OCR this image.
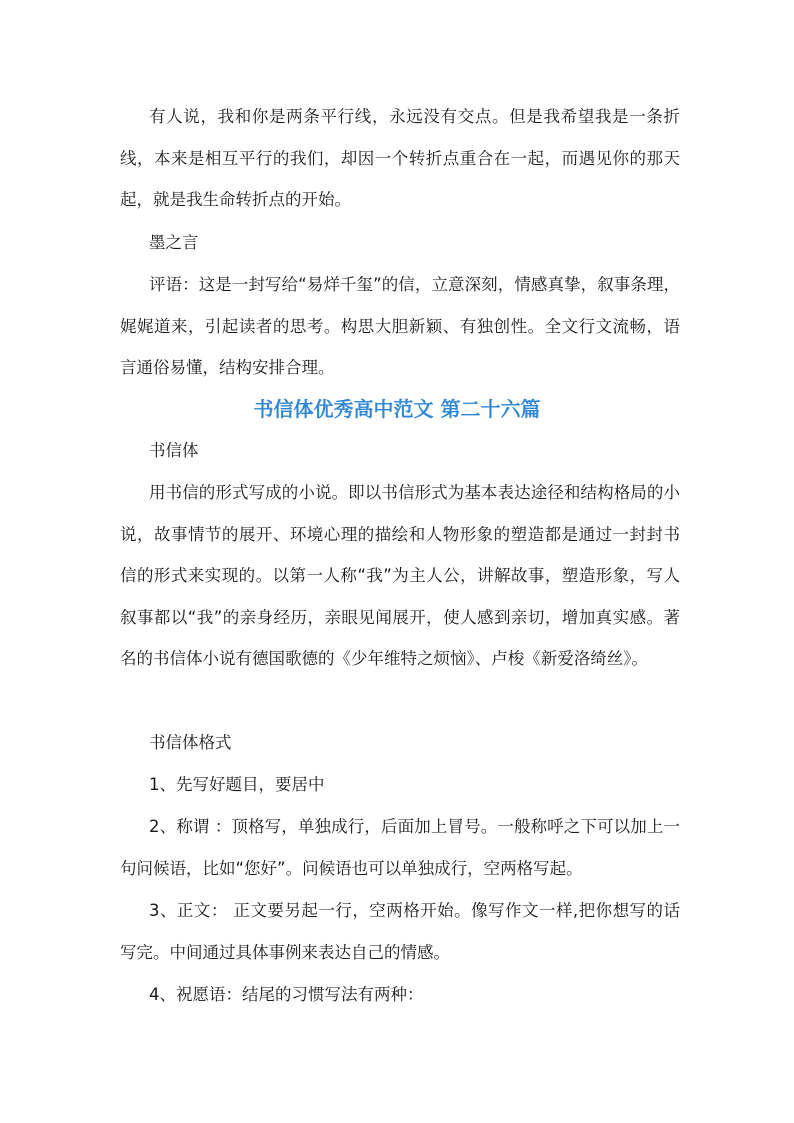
有人说，我和你是两条平行线，永远没有交点。但是我希望我是一条折线，本来是相互平行的我们，却因一个转折点重合在一起，而遇见你的那天起，就是我生命转折点的开始。

墨之言

评语：这是一封写给“易烊千玺”的信，立意深刻，情感真挚，叙事条理，娓娓道来，引起读者的思考。构思大胆新颖、有独创性。全文行文流畅，语言通俗易懂，结构安排合理。

书信体优秀高中范文 第二十六篇

书信体

用书信的形式写成的小说。即以书信形式为基本表达途径和结构格局的小说，故事情节的展开、环境心理的描绘和人物形象的塑造都是通过一封封书信的形式来实现的。以第一人称“我”为主人公，讲解故事，塑造形象，写人叙事都以“我”的亲身经历，亲眼见闻展开，使人感到亲切，增加真实感。著名的书信体小说有德国歌德的《少年维特之烦恼》、卢梭《新爱洛绮丝》。

书信体格式

1、先写好题目，要居中

2、称谓 ：顶格写，单独成行，后面加上冒号。一般称呼之下可以加上一句问候语，比如“您好”。问候语也可以单独成行，空两格写起。

3、正文： 正文要另起一行，空两格开始。像写作文一样,把你想写的话写完。中间通过具体事例来表达自己的情感。

4、祝愿语：结尾的习惯写法有两种：
